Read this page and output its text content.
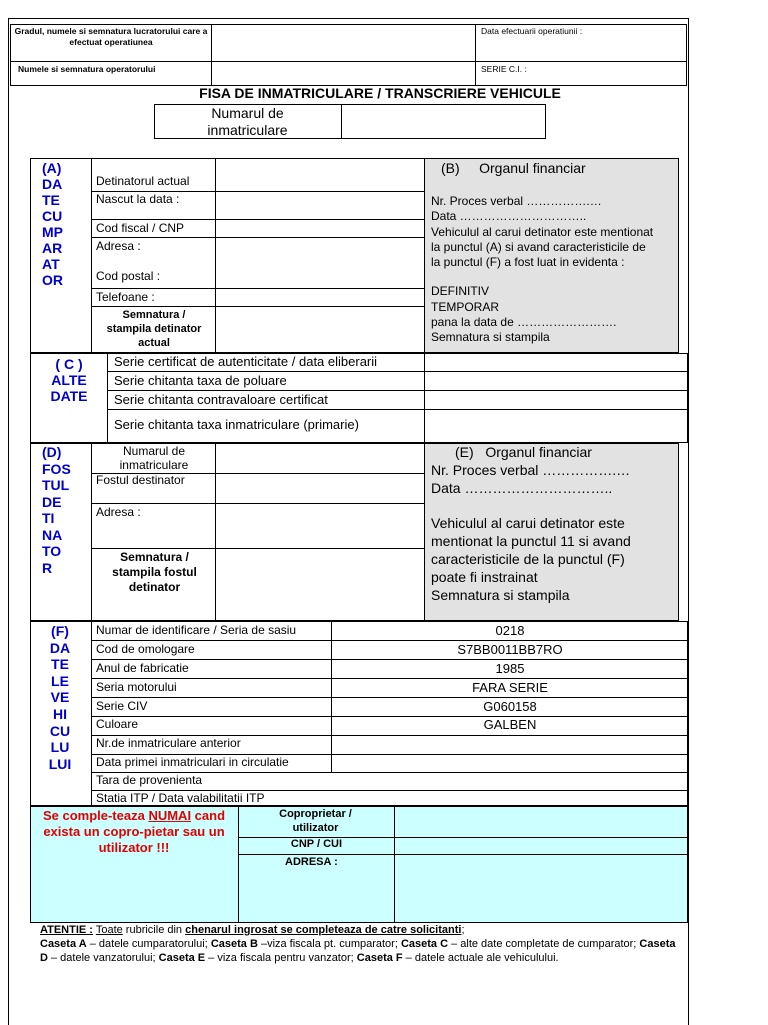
Gradul, numele si semnatura lucratorului care a efectuat operatiunea
Data efectuarii operatiunii :
Numele si semnatura operatorului	SERIE C.I. :
FISA DE INMATRICULARE / TRANSCRIERE VEHICULE
Numarul de inmatriculare
(A)
DA
TE
CU
MP
AR
AT
OR
Detinatorul actual
Nascut la data :
Cod fiscal / CNP
Adresa :
Cod postal :
Telefoane :
Semnatura / stampila detinator actual
(B)     Organul financiar
Nr. Proces verbal …………….…
Data …………………………..
Vehiculul al carui detinator este mentionat
la punctul (A) si avand caracteristicile de
la punctul (F) a fost luat in evidenta :
DEFINITIV
TEMPORAR
pana la data de …………………….
Semnatura si stampila
( C )
ALTE
DATE
Serie certificat de autenticitate / data eliberarii
Serie chitanta taxa de poluare
Serie chitanta contravaloare certificat
Serie chitanta taxa inmatriculare (primarie)
(D)
FOS
TUL
DE
TI
NA
TO
R
Numarul de inmatriculare
Fostul destinator
Adresa :
Semnatura / stampila fostul detinator
(E)   Organul financiar
Nr. Proces verbal …………….…
Data …………………………..
Vehiculul al carui detinator este
mentionat la punctul 11 si avand
caracteristicile de la punctul (F)
poate fi instrainat
Semnatura si stampila
(F)
DA
TE
LE
VE
HI
CU
LU
LUI
Numar de identificare / Seria de sasiu	0218
Cod de omologare	S7BB0011BB7RO
Anul de fabricatie	1985
Seria motorului	FARA SERIE
Serie CIV	G060158
Culoare	GALBEN
Nr.de inmatriculare anterior
Data primei inmatriculari in circulatie
Tara de provenienta
Statia ITP / Data valabilitatii ITP
Se comple-teaza NUMAI cand exista un copro-pietar sau un utilizator !!!
Coproprietar / utilizator
CNP / CUI
ADRESA :
ATENTIE : Toate rubricile din chenarul ingrosat se completeaza de catre solicitanti;
Caseta A – datele cumparatorului; Caseta B –viza fiscala pt. cumparator; Caseta C – alte date completate de cumparator; Caseta D – datele vanzatorului; Caseta E – viza fiscala pentru vanzator; Caseta F – datele actuale ale vehiculului.
